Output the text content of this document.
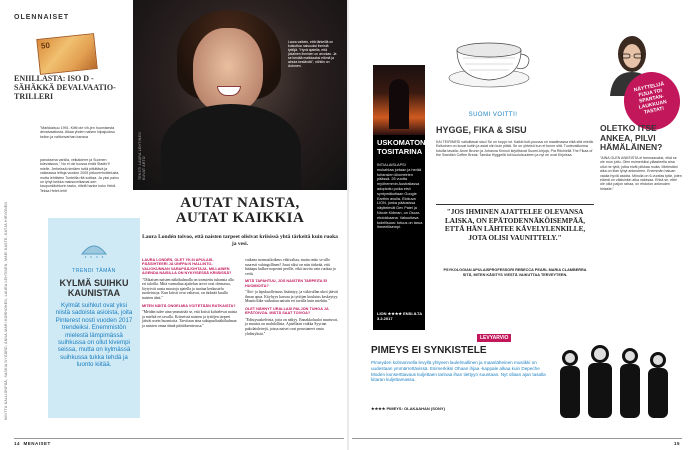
OLENNAISET
50
ENIILLASTA: ISO D - SÄHÄKKÄ DEVALVAATIO-TRILLERI
"Markkaisuu 1991. Kiitti ole vih-jen huomisesta devalvaatiosta. Alkaa yhden naisen kilpajuoksu kellon ja valtionvarhan kanssa
panoksena varkila, velkakierre ja Suomen tulevaisuus." No ei ole tuossa enää Stadin't! mielle. Jerkeissä nimiäen tuttä pitkittävä ja vaikeassa leffoja vuoden 2005 pitkoverhoittelusta, mutta lehtiisten Tunteilla ritä soittaa. Ja yksi paino on lyhyt keikka maksuvelkamai-sen kaupunkitohtorin tasku, riitelä hanke koko Heidi. Teksa Hetet-lehti
Laura vaikein, että tärkeillä on kutsuttua naisuuksi ihmistä tyttöjä. "Hyvä ajatella, että jokainen ihminen on arvokas. Ja se kestää maikkaaksi elämä ja ainuta kestävää", nöhtiin on Antonen.
TEKSTI LAURA LEHTINEN KUVAT ARTO
AUTAT NAISTA,
AUTAT KAIKKIA
Laura Londén toivoo, että naisten tarpeet olisivat kriisissä yhtä tärkeitä kuin ruoka ja vesi.
LAURA LONDÉN, OLET YK:N APULAIS-PÄÄSIHTEERI JA UNFPA:N HALLINTO-VALIOKUNNAN VARAPÄÄJOHTAJA. MILLAINEN AGENDA NAISILLA ON NYKYISESSÄ KRIISISSÄ?
"Olikaisen naisten näkökulmalla on toteutettu tuhansia alla eri taloilla. Mitä varmaltaa ajattelun arvot ovat olemassa, löytyivät uusia muotoja ajatella ja tuottaa keskustelu tuotteistoja. Kun kriisit ovat valtavat, on tärkeää kuulla naisten ääni."
MITEN NÄITÄ ONGELMIA VOITETÄÄN RATKAISTA?
"Meidän tulee aina ymmärtää se, että kriisit kohtelevat naisia ja miehiä eri tavalla. Kriiseissä naisten ja tyttöjen tarpeet jäävät usein huomiotta. Tarvitaan aina sukupuolinäkökulmaa ja naisten omaa ääntä päätöksenteossa."
vaikeaa normaalioikeus väkivaltaa, mutta onko se sille suuresti vahingollinen? Juuri siksi on niin tärkeää, että hätäapu kulkee nopeasti perille, eikä tarvita vain ruokaa ja vettä.
MITÄ TAPAHTUU, JOS NAISTEN TARPEITA EI HUOMIOITA?
"Äiti- ja lapskuolleisuus lisääntyy, ja väkivallan uhrit jäävät ilman apua. Köyhyys kasvaa ja tyttöjen koulutus keskeytyy. Muuttoliike vaikuttaa naisiin eri tavalla kuin miehiin."
OLET NÄHNYT URALLASI PALJON TUHOA JA EPÄTOIVOA. MISTÄ SAAT TOIVOA?
"Edistysaskeleista, joita on näkyy. Ennakkoluulot murtuvat, ja muutos on mahdollista. Ajatellaan vaikka Syyrian pakolaisleirejä, joissa naiset ovat perustaneet omia yhdistyksiä."
TRENDI TÄMÄN
KYLMÄ SUIHKU KAUNISTAA
Kylmät suihkut ovat yksi niistä sadoista asioista, joita Pinterest nosti vuoden 2017 trendeiksi. Enemmistön mielestä lämpimässä suihkussa on ollut kivempi seissa, mutta on kylmässä suihkussa tukka tehdä ja luonto kiitää.
MINTTU KALLIONPÄÄ, SASKIA NYGÅRD, ANNA-MARI KORHONEN, LAURA LEHTINEN, MARI KASTE, KATJA HIRVONEN
14 MENAISET
USKOMATON TOSITARINA
INTIALAISLAPSI mukahtaa jurtaan ja herää tuhansien kilometrien päässä. 25 vuotta myöhemmin Australiassa adoptoitu poika etsii syntymäkotiaan Google Earthin avulla. Elokuva LION, jonka pääosissa näyttelevät Dev Patel ja Nicole Kidman, on Oscar-ehdokkaana. Vakuuttava todellisuus: totuus on tarua ihmeellisempi.
LION ★★★★ ENSI-ILTA 3.2.2017
SUOMI VOITTI!
HYGGE, FIKA & SISU
KAI TEIRINESI valloittavat sisu! Se on koppi rut. Kaikki koti-puussa on maailmassa eikä sitä mieltä. Esikoinen on kuvat kotiin ja asiat niin kuin pitää. Se on yhteisö kun ei tunne sitä. Tuotevalikoima tutuilla tavalla: Anne Bronin ja Johanna Kinnuli kirjoittavat Suomi-kirjoja, Pia Ritchiellä The Fikaa of the Swedish Coffee Break. Tanska Hyggellä tuli kuuluisuuteen ja nyt ne ovat Kirjoissa.
NÄYTTELIJÄ FIJUA TOI SPARTAN-LAUKKUAN TASTAT!
OLETKO ITSE ANKEA, PILVI HÄMÄLÄINEN?
"AINA OLEN ANKEISTA ei teemaavaksi, eikä se ole mun juttu. Olen esimerkiksi yläasteella aina ollut ne tytöt, jotka eivät pilkkaa muita. Mielestäni aika on liian lyhyt ankeuteen. Enemmän haluan vaalia hyviä asioita. Minulla on 6-vuotias tytär, joten elämä on väkisinkin aika valoisaa. Ehkä se, ettei ole ollut paljon rahaa, on ehdoton ankeuden hidaste."
"JOS IHMINEN AJATTELEE OLEVANSA LAISKA, ON EPÄTODENNÄKÖISEMPÄÄ, ETTÄ HÄN LÄHTEE KÄVELYLENKILLE, JOTA OLISI VAUNITTELY."
PSYKOLOGIAN APULAISPROFESSORI REBECCA PEARL MARIA CLAMBERRA SITÄ, MITEN KÄSITYS VIESTÄ VAIKUTTAA TERVEYTEEN.
LEVYARVIO
PIMEYS EI SYNKISTELE
Pimeyden kolmannella levyllä yhtyeen laulelmallinen ja maanläheinen musiikki on uudestaan ymmärrettävissä. Esimerkiksi Ohaan ihjaa -kappale alkaa kuin Depeche Moden konserttiavaus kuljettaen tarinaa ihan tiettyyn suuntaan. Nyt ollaan ajan tasalla kitaran kuljettamassa.
★★★★ PIMEYS: OLAKAAHAN (SONY)
15
